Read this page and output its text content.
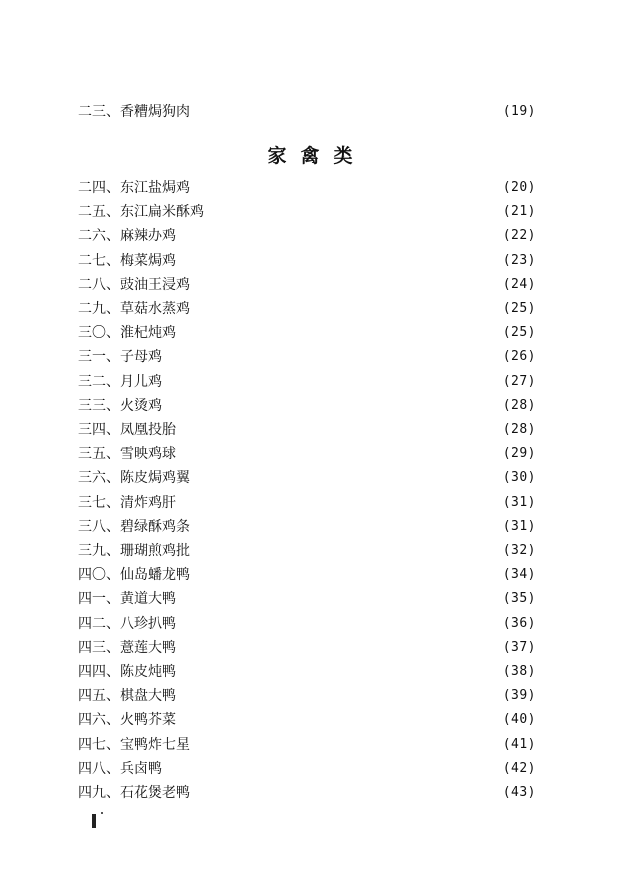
二三、 香糟焗狗肉	(19)
家禽类
二四、 东江盐焗鸡	(20)
二五、 东江扁米酥鸡	(21)
二六、 麻辣办鸡	(22)
二七、 梅菜焗鸡	(23)
二八、 豉油王浸鸡	(24)
二九、 草菇水蒸鸡	(25)
三〇、 淮杞炖鸡	(25)
三一、 子母鸡	(26)
三二、 月儿鸡	(27)
三三、 火烫鸡	(28)
三四、 凤凰投胎	(28)
三五、 雪映鸡球	(29)
三六、 陈皮焗鸡翼	(30)
三七、 清炸鸡肝	(31)
三八、 碧绿酥鸡条	(31)
三九、 珊瑚煎鸡批	(32)
四〇、 仙岛蟠龙鸭	(34)
四一、 黄道大鸭	(35)
四二、 八珍扒鸭	(36)
四三、 薏莲大鸭	(37)
四四、 陈皮炖鸭	(38)
四五、 棋盘大鸭	(39)
四六、 火鸭芥菜	(40)
四七、 宝鸭炸七星	(41)
四八、 兵卤鸭	(42)
四九、 石花煲老鸭	(43)
